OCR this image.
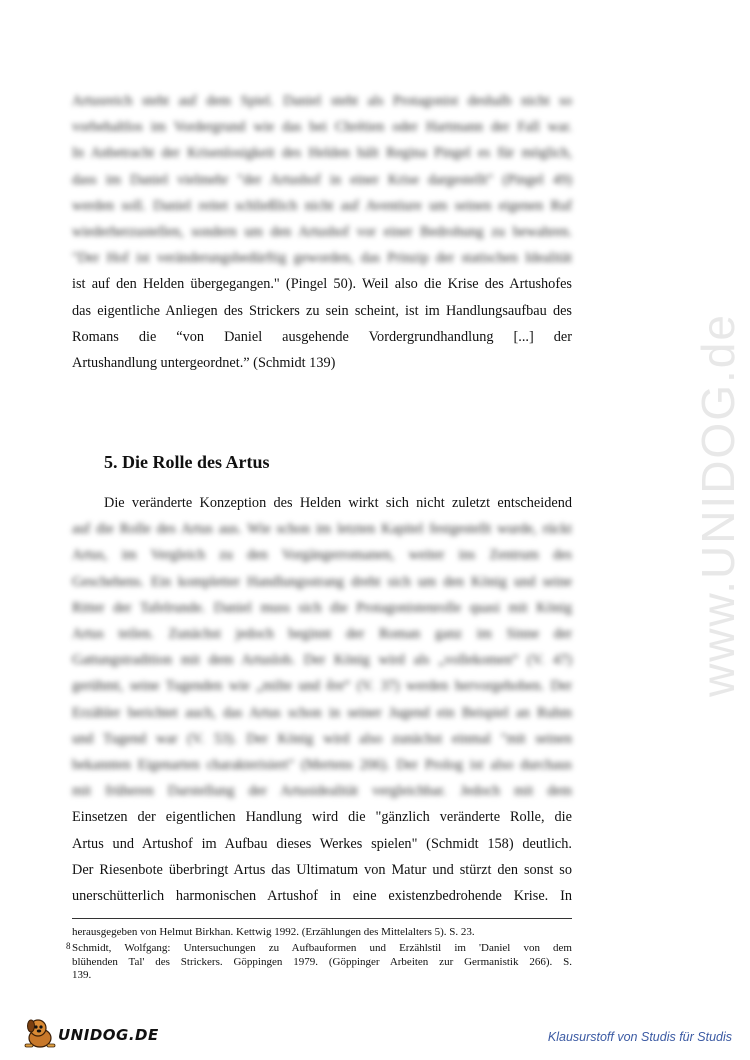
www.UNIDOG.de
Artusreich steht auf dem Spiel. Daniel steht als Protagonist deshalb nicht so
vorbehaltlos im Vordergrund wie das bei Chrétien oder Hartmann der Fall war.
In Anbetracht der Krisenlosigkeit des Helden hält Regina Pingel es für möglich,
dass im Daniel vielmehr "der Artushof in einer Krise dargestellt" (Pingel 49)
werden soll. Daniel reitet schließlich nicht auf Aventiure um seinen eigenen Ruf
wiederherzustellen, sondern um den Artushof vor einer Bedrohung zu bewahren.
"Der Hof ist veränderungsbedürftig geworden, das Prinzip der statischen Idealität
ist auf den Helden übergegangen." (Pingel 50). Weil also die Krise des Artushofes
das eigentliche Anliegen des Strickers zu sein scheint, ist im Handlungsaufbau des
Romans die “von Daniel ausgehende Vordergrundhandlung [...] der
Artushandlung untergeordnet.” (Schmidt 139)
5. Die Rolle des Artus
Die veränderte Konzeption des Helden wirkt sich nicht zuletzt entscheidend
auf die Rolle des Artus aus. Wie schon im letzten Kapitel festgestellt wurde, rückt
Artus, im Vergleich zu den Vorgängerromanen, weiter ins Zentrum des
Geschehens. Ein kompletter Handlungsstrang dreht sich um den König und seine
Ritter der Tafelrunde. Daniel muss sich die Protagonistenrolle quasi mit König
Artus teilen. Zunächst jedoch beginnt der Roman ganz im Sinne der
Gattungstradition mit dem Artuslob. Der König wird als „vollekomen“ (V. 47)
gerühmt, seine Tugenden wie „milte und êre“ (V. 37) werden hervorgehoben. Der
Erzähler berichtet auch, das Artus schon in seiner Jugend ein Beispiel an Ruhm
und Tugend war (V. 53). Der König wird also zunächst einmal "mit seinen
bekannten Eigenarten charakterisiert" (Mertens 206). Der Prolog ist also durchaus
mit früheren Darstellung der Artusidealität vergleichbar. Jedoch mit dem
Einsetzen der eigentlichen Handlung wird die "gänzlich veränderte Rolle, die
Artus und Artushof im Aufbau dieses Werkes spielen" (Schmidt 158) deutlich.
Der Riesenbote überbringt Artus das Ultimatum von Matur und stürzt den sonst so
unerschütterlich harmonischen Artushof in eine existenzbedrohende Krise. In
herausgegeben von Helmut Birkhan. Kettwig 1992. (Erzählungen des Mittelalters 5). S. 23.
8 Schmidt, Wolfgang: Untersuchungen zu Aufbauformen und Erzählstil im 'Daniel von dem
blühenden Tal' des Strickers. Göppingen 1979. (Göppinger Arbeiten zur Germanistik 266). S.
139.
UNIDOG.DE	Klausurstoff von Studis für Studis
